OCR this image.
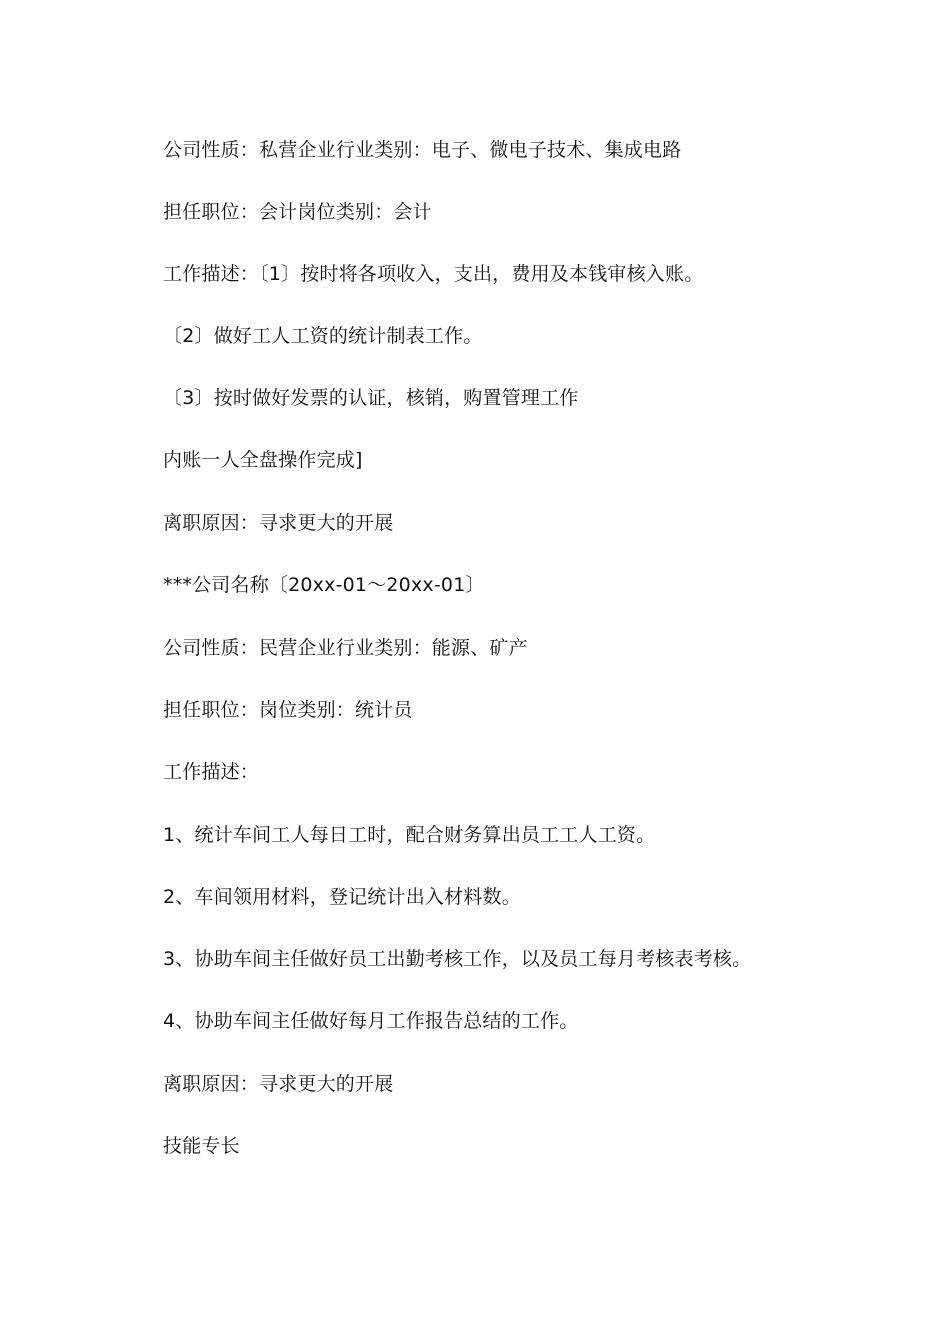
公司性质：私营企业行业类别：电子、微电子技术、集成电路
担任职位：会计岗位类别：会计
工作描述：〔1〕按时将各项收入，支出，费用及本钱审核入账。
〔2〕做好工人工资的统计制表工作。
〔3〕按时做好发票的认证，核销，购置管理工作
内账一人全盘操作完成]
离职原因：寻求更大的开展
***公司名称〔20xx-01～20xx-01〕
公司性质：民营企业行业类别：能源、矿产
担任职位：岗位类别：统计员
工作描述：
1、统计车间工人每日工时，配合财务算出员工工人工资。
2、车间领用材料，登记统计出入材料数。
3、协助车间主任做好员工出勤考核工作，以及员工每月考核表考核。
4、协助车间主任做好每月工作报告总结的工作。
离职原因：寻求更大的开展
技能专长
